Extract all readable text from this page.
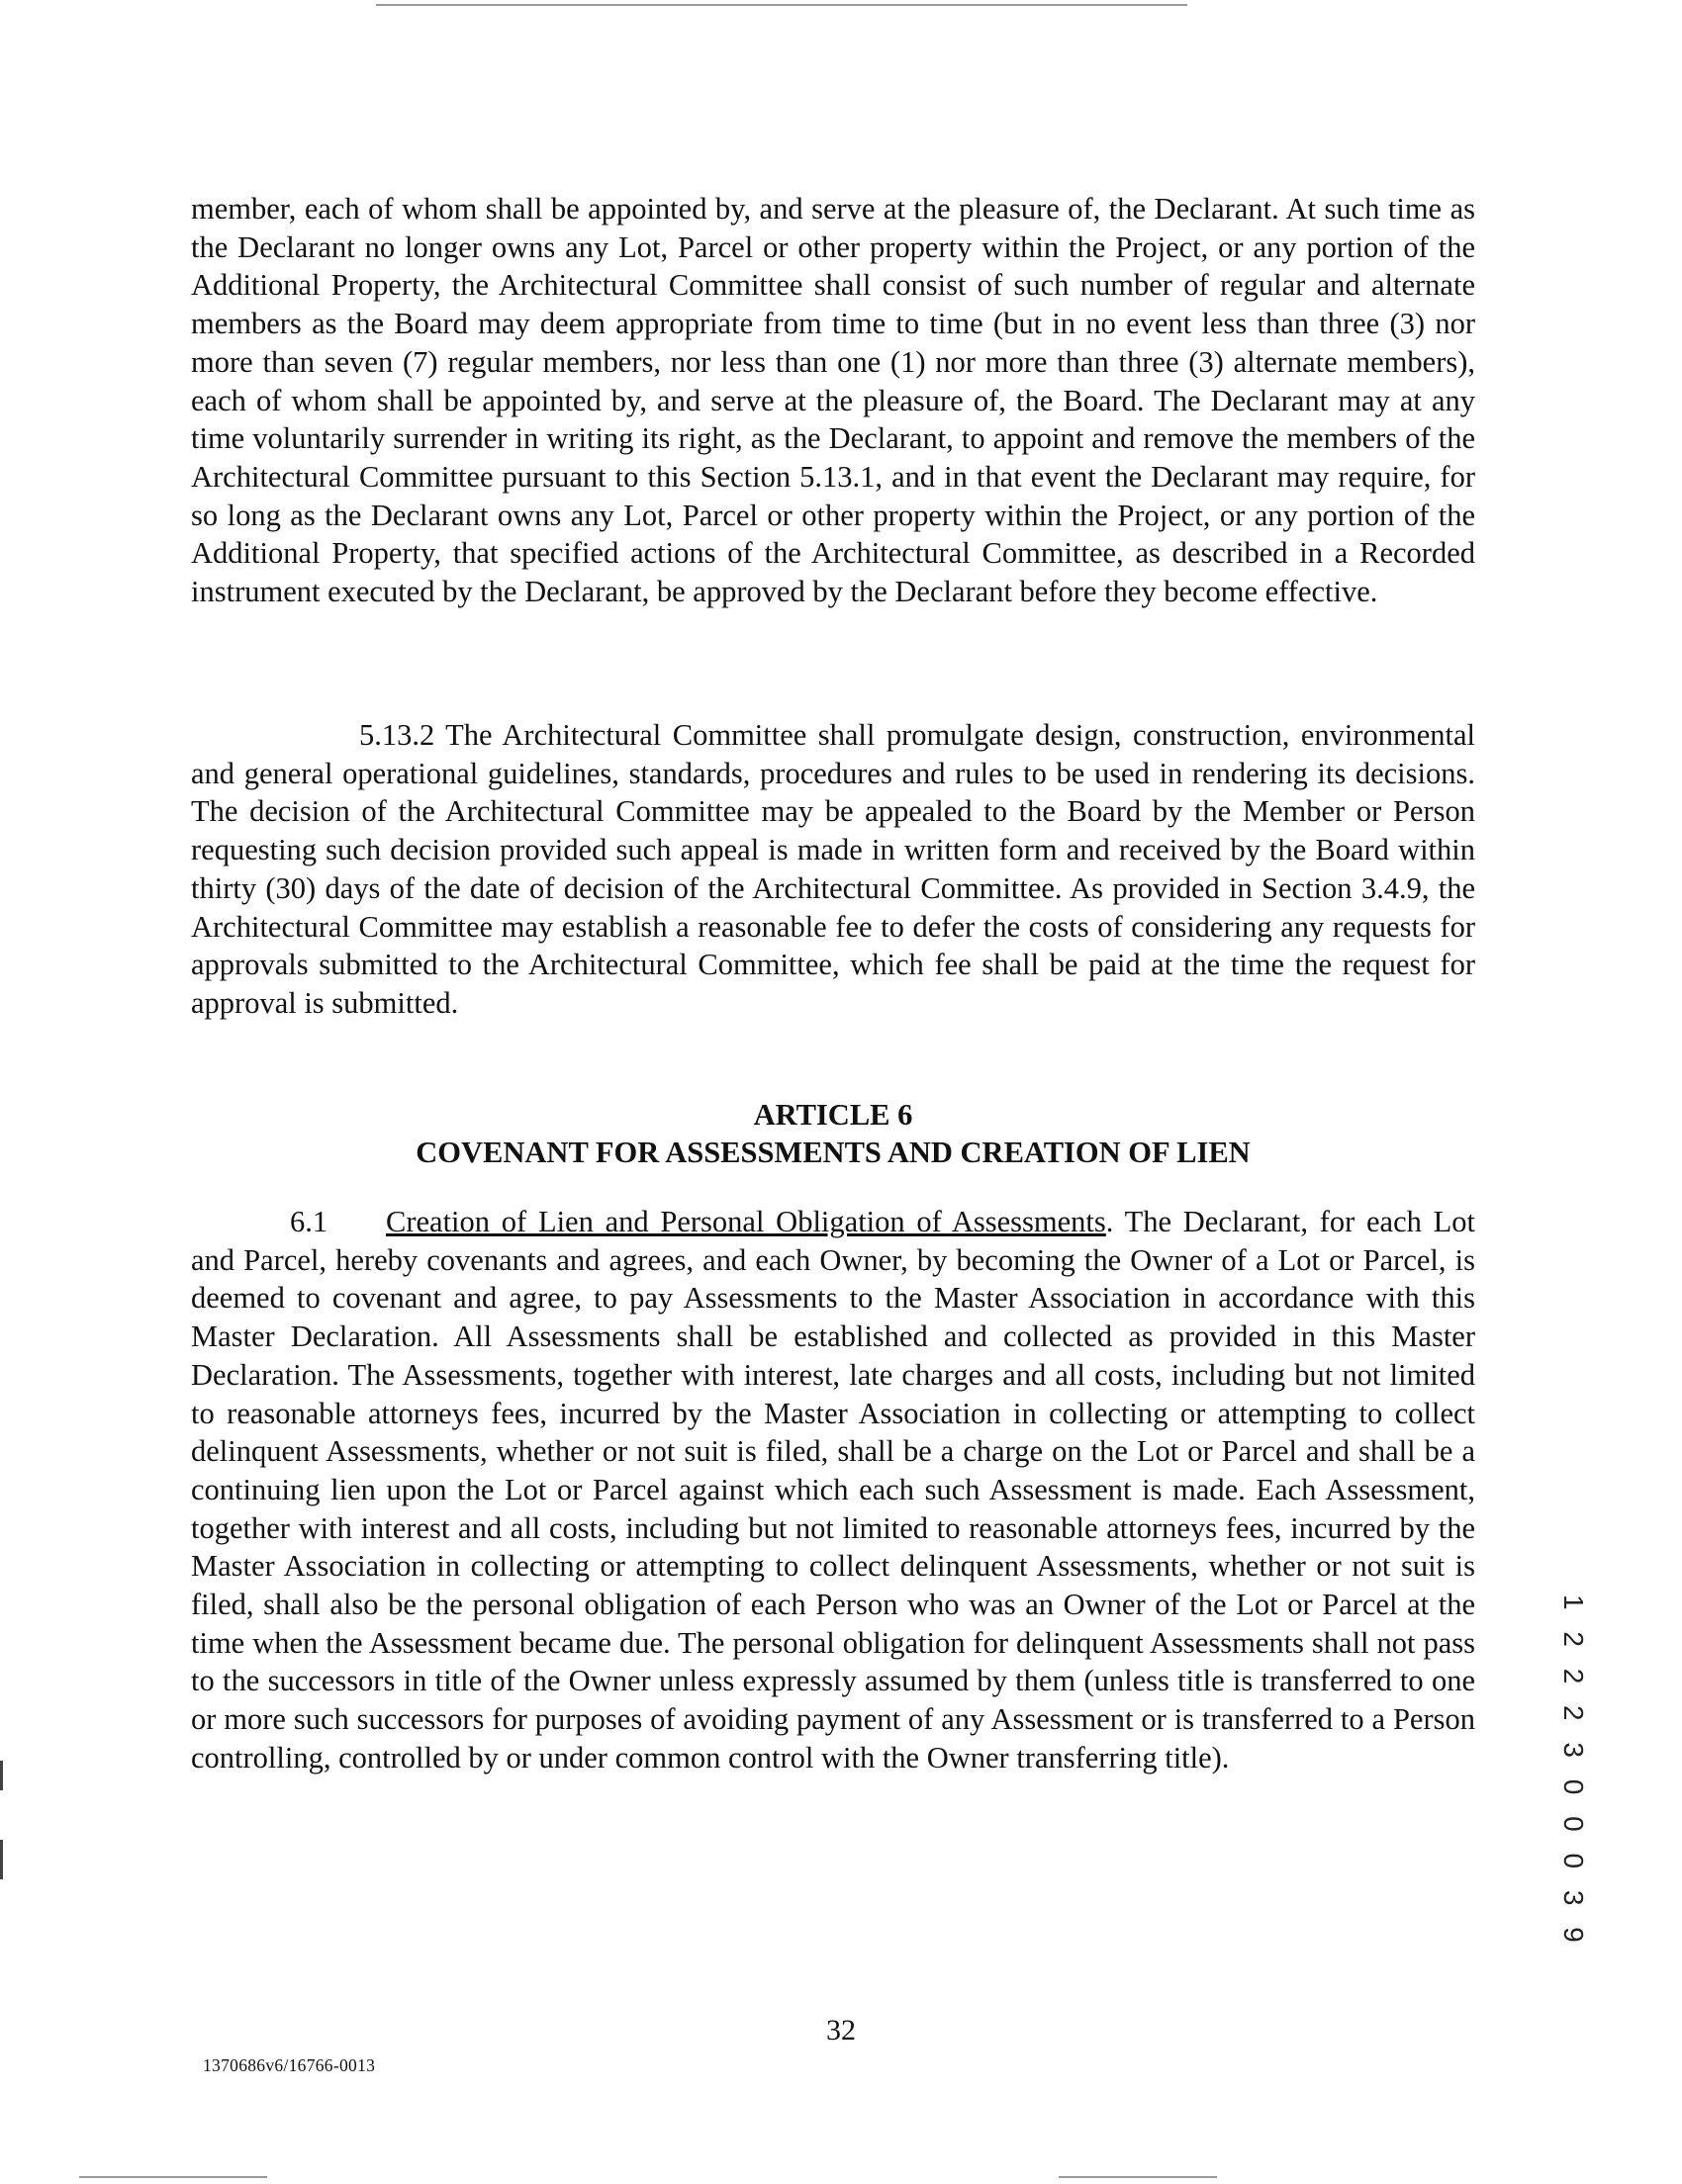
member, each of whom shall be appointed by, and serve at the pleasure of, the Declarant. At such time as the Declarant no longer owns any Lot, Parcel or other property within the Project, or any portion of the Additional Property, the Architectural Committee shall consist of such number of regular and alternate members as the Board may deem appropriate from time to time (but in no event less than three (3) nor more than seven (7) regular members, nor less than one (1) nor more than three (3) alternate members), each of whom shall be appointed by, and serve at the pleasure of, the Board. The Declarant may at any time voluntarily surrender in writing its right, as the Declarant, to appoint and remove the members of the Architectural Committee pursuant to this Section 5.13.1, and in that event the Declarant may require, for so long as the Declarant owns any Lot, Parcel or other property within the Project, or any portion of the Additional Property, that specified actions of the Architectural Committee, as described in a Recorded instrument executed by the Declarant, be approved by the Declarant before they become effective.

5.13.2 The Architectural Committee shall promulgate design, construction, environmental and general operational guidelines, standards, procedures and rules to be used in rendering its decisions. The decision of the Architectural Committee may be appealed to the Board by the Member or Person requesting such decision provided such appeal is made in written form and received by the Board within thirty (30) days of the date of decision of the Architectural Committee. As provided in Section 3.4.9, the Architectural Committee may establish a reasonable fee to defer the costs of considering any requests for approvals submitted to the Architectural Committee, which fee shall be paid at the time the request for approval is submitted.

ARTICLE 6
COVENANT FOR ASSESSMENTS AND CREATION OF LIEN

6.1 Creation of Lien and Personal Obligation of Assessments. The Declarant, for each Lot and Parcel, hereby covenants and agrees, and each Owner, by becoming the Owner of a Lot or Parcel, is deemed to covenant and agree, to pay Assessments to the Master Association in accordance with this Master Declaration. All Assessments shall be established and collected as provided in this Master Declaration. The Assessments, together with interest, late charges and all costs, including but not limited to reasonable attorneys fees, incurred by the Master Association in collecting or attempting to collect delinquent Assessments, whether or not suit is filed, shall be a charge on the Lot or Parcel and shall be a continuing lien upon the Lot or Parcel against which each such Assessment is made. Each Assessment, together with interest and all costs, including but not limited to reasonable attorneys fees, incurred by the Master Association in collecting or attempting to collect delinquent Assessments, whether or not suit is filed, shall also be the personal obligation of each Person who was an Owner of the Lot or Parcel at the time when the Assessment became due. The personal obligation for delinquent Assessments shall not pass to the successors in title of the Owner unless expressly assumed by them (unless title is transferred to one or more such successors for purposes of avoiding payment of any Assessment or is transferred to a Person controlling, controlled by or under common control with the Owner transferring title).

32
1370686v6/16766-0013
1 2 2 2 3 0 0 0 3 9
